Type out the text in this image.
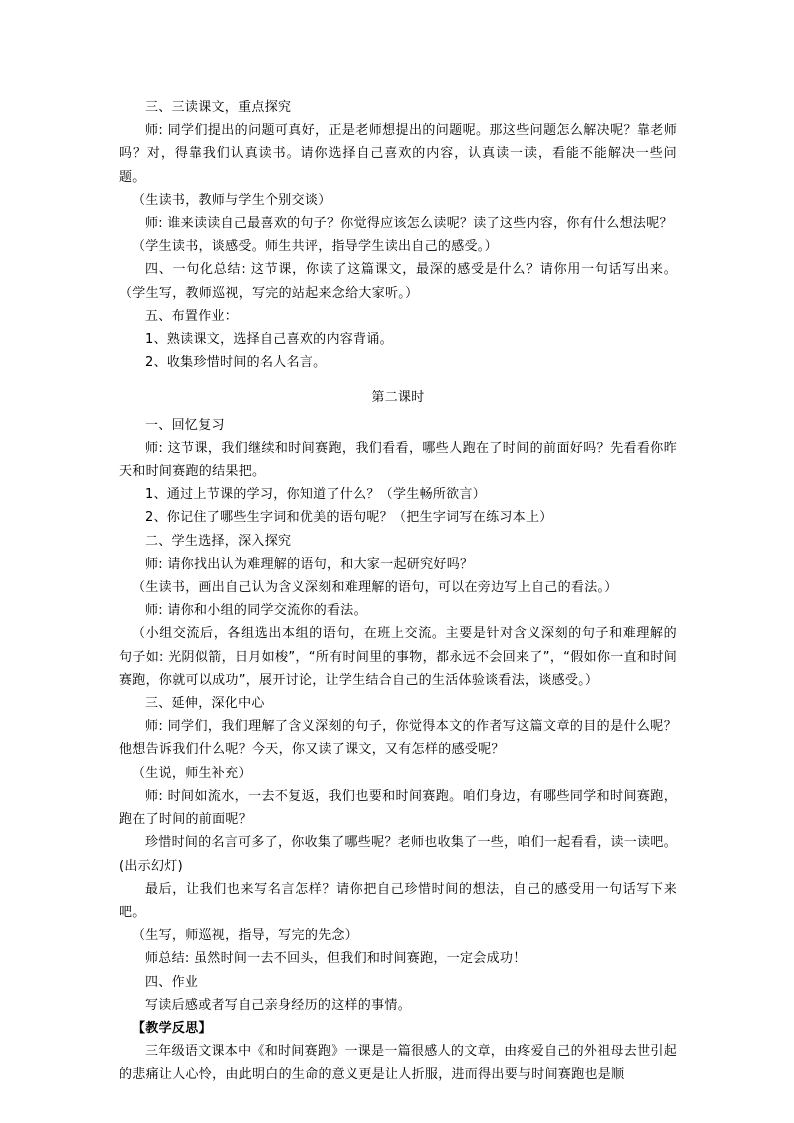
三、三读课文，重点探究

师: 同学们提出的问题可真好，正是老师想提出的问题呢。那这些问题怎么解决呢？靠老师吗？对，得靠我们认真读书。请你选择自己喜欢的内容，认真读一读，看能不能解决一些问题。

（生读书，教师与学生个别交谈）

师: 谁来读读自己最喜欢的句子？你觉得应该怎么读呢？读了这些内容，你有什么想法呢？

（学生读书，谈感受。师生共评，指导学生读出自己的感受。）

四、一句化总结: 这节课，你读了这篇课文，最深的感受是什么？请你用一句话写出来。（学生写，教师巡视，写完的站起来念给大家听。）

五、布置作业：

1、熟读课文，选择自己喜欢的内容背诵。

2、收集珍惜时间的名人名言。

第二课时

一、回忆复习

师: 这节课，我们继续和时间赛跑，我们看看，哪些人跑在了时间的前面好吗？先看看你昨天和时间赛跑的结果把。

1、通过上节课的学习，你知道了什么？（学生畅所欲言）

2、你记住了哪些生字词和优美的语句呢？（把生字词写在练习本上）

二、学生选择，深入探究

师: 请你找出认为难理解的语句，和大家一起研究好吗？

（生读书，画出自己认为含义深刻和难理解的语句，可以在旁边写上自己的看法。）

师: 请你和小组的同学交流你的看法。

（小组交流后，各组选出本组的语句，在班上交流。主要是针对含义深刻的句子和难理解的句子如: 光阴似箭，日月如梭”，“所有时间里的事物，都永远不会回来了”，“假如你一直和时间赛跑，你就可以成功”，展开讨论，让学生结合自己的生活体验谈看法，谈感受。）

三、延伸，深化中心

师: 同学们，我们理解了含义深刻的句子，你觉得本文的作者写这篇文章的目的是什么呢？他想告诉我们什么呢？今天，你又读了课文，又有怎样的感受呢？

（生说，师生补充）

师: 时间如流水，一去不复返，我们也要和时间赛跑。咱们身边，有哪些同学和时间赛跑，跑在了时间的前面呢？

珍惜时间的名言可多了，你收集了哪些呢？老师也收集了一些，咱们一起看看，读一读吧。(出示幻灯)

最后，让我们也来写名言怎样？请你把自己珍惜时间的想法，自己的感受用一句话写下来吧。

（生写，师巡视，指导，写完的先念）

师总结: 虽然时间一去不回头，但我们和时间赛跑，一定会成功！

四、作业

写读后感或者写自己亲身经历的这样的事情。

【教学反思】

三年级语文课本中《和时间赛跑》一课是一篇很感人的文章，由疼爱自己的外祖母去世引起的悲痛让人心怜，由此明白的生命的意义更是让人折服，进而得出要与时间赛跑也是顺
